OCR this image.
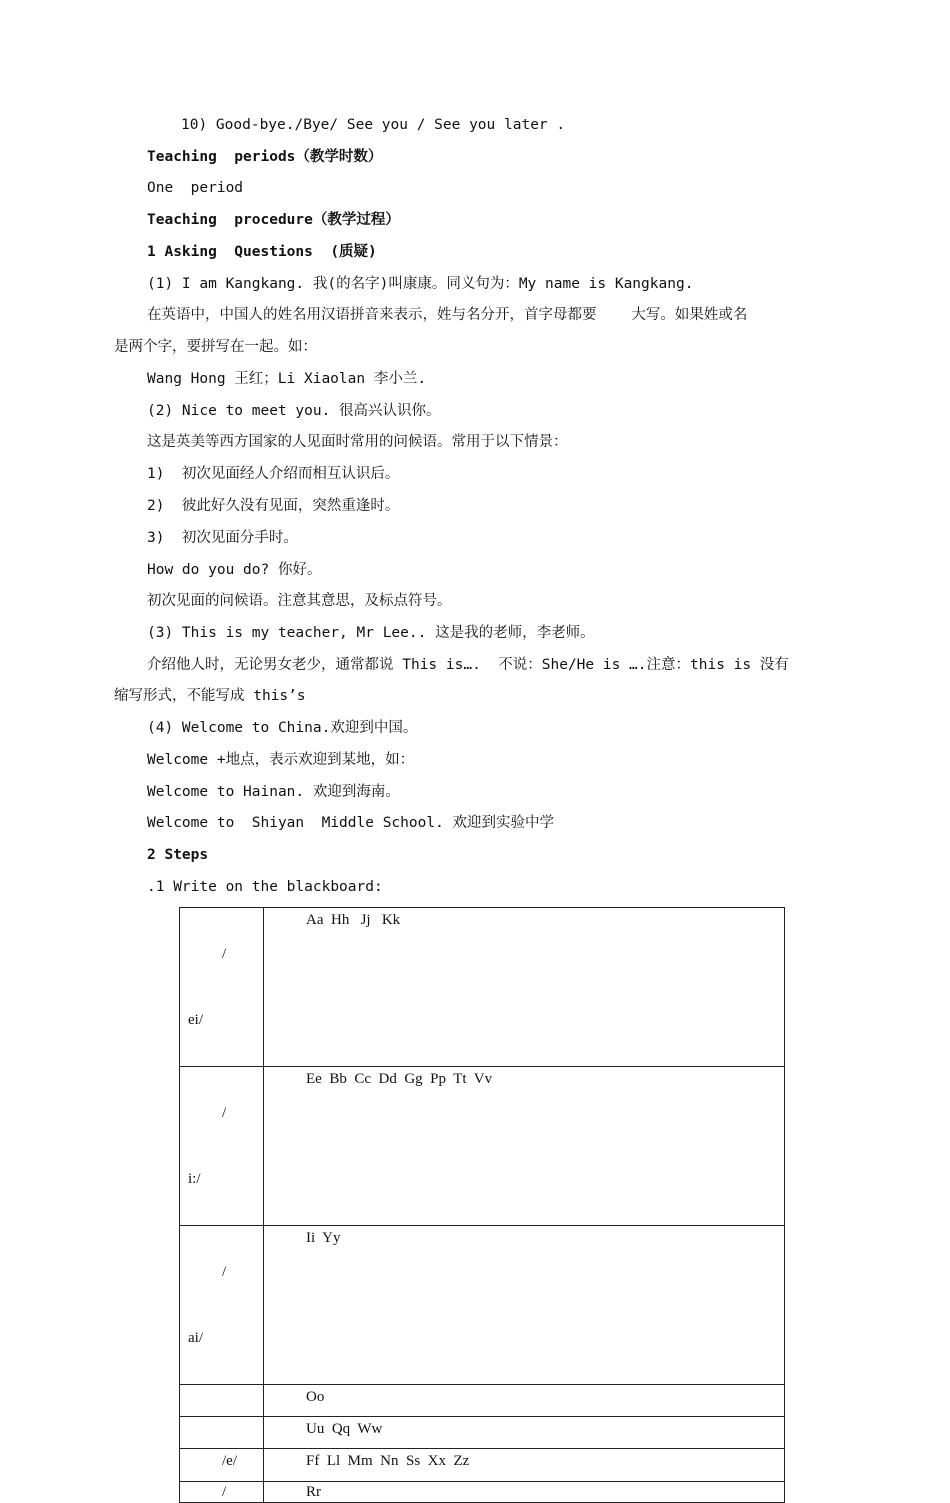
10) Good-bye./Bye/ See you / See you later .
Teaching  periods（教学时数）
One  period
Teaching  procedure（教学过程）
1 Asking  Questions  (质疑)
(1) I am Kangkang. 我(的名字)叫康康。同义句为：My name is Kangkang.
在英语中，中国人的姓名用汉语拼音来表示，姓与名分开，首字母都要    大写。如果姓或名
是两个字，要拼写在一起。如：
Wang Hong 王红；Li Xiaolan 李小兰.
(2) Nice to meet you. 很高兴认识你。
这是英美等西方国家的人见面时常用的问候语。常用于以下情景：
1)  初次见面经人介绍而相互认识后。
2)  彼此好久没有见面，突然重逢时。
3)  初次见面分手时。
How do you do? 你好。
初次见面的问候语。注意其意思，及标点符号。
(3) This is my teacher, Mr Lee.. 这是我的老师，李老师。
介绍他人时，无论男女老少，通常都说 This is….  不说：She/He is ….注意：this is 没有
缩写形式，不能写成 this’s
(4) Welcome to China.欢迎到中国。
Welcome +地点，表示欢迎到某地，如：
Welcome to Hainan. 欢迎到海南。
Welcome to  Shiyan  Middle School. 欢迎到实验中学
2 Steps
.1 Write on the blackboard:

/

ei/	Aa  Hh   Jj   Kk

/

i:/	Ee  Bb  Cc  Dd  Gg  Pp  Tt  Vv

/

ai/	Ii  Yy

	Oo

	Uu  Qq  Ww

/e/	Ff  Ll  Mm  Nn  Ss  Xx  Zz

/	Rr
